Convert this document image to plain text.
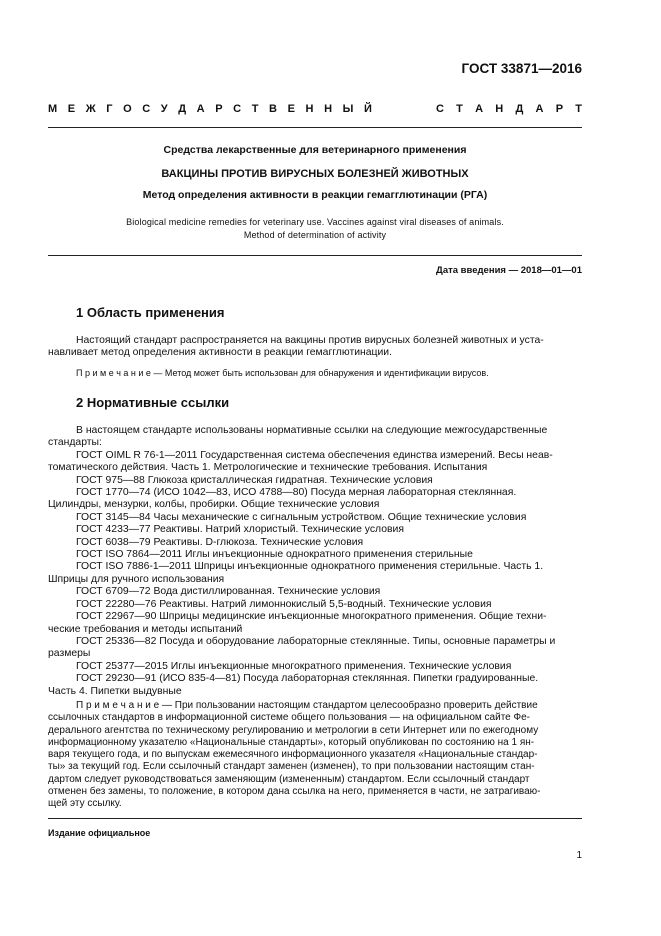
ГОСТ 33871—2016
М Е Ж Г О С У Д А Р С Т В Е Н Н Ы Й	С Т А Н Д А Р Т
Средства лекарственные для ветеринарного применения
ВАКЦИНЫ ПРОТИВ ВИРУСНЫХ БОЛЕЗНЕЙ ЖИВОТНЫХ
Метод определения активности в реакции гемагглютинации (РГА)
Biological medicine remedies for veterinary use. Vaccines against viral diseases of animals.
Method of determination of activity
Дата введения — 2018—01—01
1 Область применения

Настоящий стандарт распространяется на вакцины против вирусных болезней животных и уста-

навливает метод определения активности в реакции гемагглютинации.

П р и м е ч а н и е — Метод может быть использован для обнаружения и идентификации вирусов.
2 Нормативные ссылки

В настоящем стандарте использованы нормативные ссылки на следующие межгосударственные

стандарты:

ГОСТ OIML R 76-1—2011 Государственная система обеспечения единства измерений. Весы неав-

томатического действия. Часть 1. Метрологические и технические требования. Испытания

ГОСТ 975—88 Глюкоза кристаллическая гидратная. Технические условия

ГОСТ 1770—74 (ИСО 1042—83, ИСО 4788—80) Посуда мерная лабораторная стеклянная.

Цилиндры, мензурки, колбы, пробирки. Общие технические условия

ГОСТ 3145—84 Часы механические с сигнальным устройством. Общие технические условия

ГОСТ 4233—77 Реактивы. Натрий хлористый. Технические условия

ГОСТ 6038—79 Реактивы. D-глюкоза. Технические условия

ГОСТ ISO 7864—2011 Иглы инъекционные однократного применения стерильные

ГОСТ ISO 7886-1—2011 Шприцы инъекционные однократного применения стерильные. Часть 1.

Шприцы для ручного использования

ГОСТ 6709—72 Вода дистиллированная. Технические условия

ГОСТ 22280—76 Реактивы. Натрий лимоннокислый 5,5-водный. Технические условия

ГОСТ 22967—90 Шприцы медицинские инъекционные многократного применения. Общие техни-

ческие требования и методы испытаний

ГОСТ 25336—82 Посуда и оборудование лабораторные стеклянные. Типы, основные параметры и

размеры

ГОСТ 25377—2015 Иглы инъекционные многократного применения. Технические условия

ГОСТ 29230—91 (ИСО 835-4—81) Посуда лабораторная стеклянная. Пипетки градуированные.

Часть 4. Пипетки выдувные

П р и м е ч а н и е — При пользовании настоящим стандартом целесообразно проверить действие

ссылочных стандартов в информационной системе общего пользования — на официальном сайте Фе-

дерального агентства по техническому регулированию и метрологии в сети Интернет или по ежегодному

информационному указателю «Национальные стандарты», который опубликован по состоянию на 1 ян-

варя текущего года, и по выпускам ежемесячного информационного указателя «Национальные стандар-

ты» за текущий год. Если ссылочный стандарт заменен (изменен), то при пользовании настоящим стан-

дартом следует руководствоваться заменяющим (измененным) стандартом. Если ссылочный стандарт

отменен без замены, то положение, в котором дана ссылка на него, применяется в части, не затрагиваю-

щей эту ссылку.

Издание официальное
1
